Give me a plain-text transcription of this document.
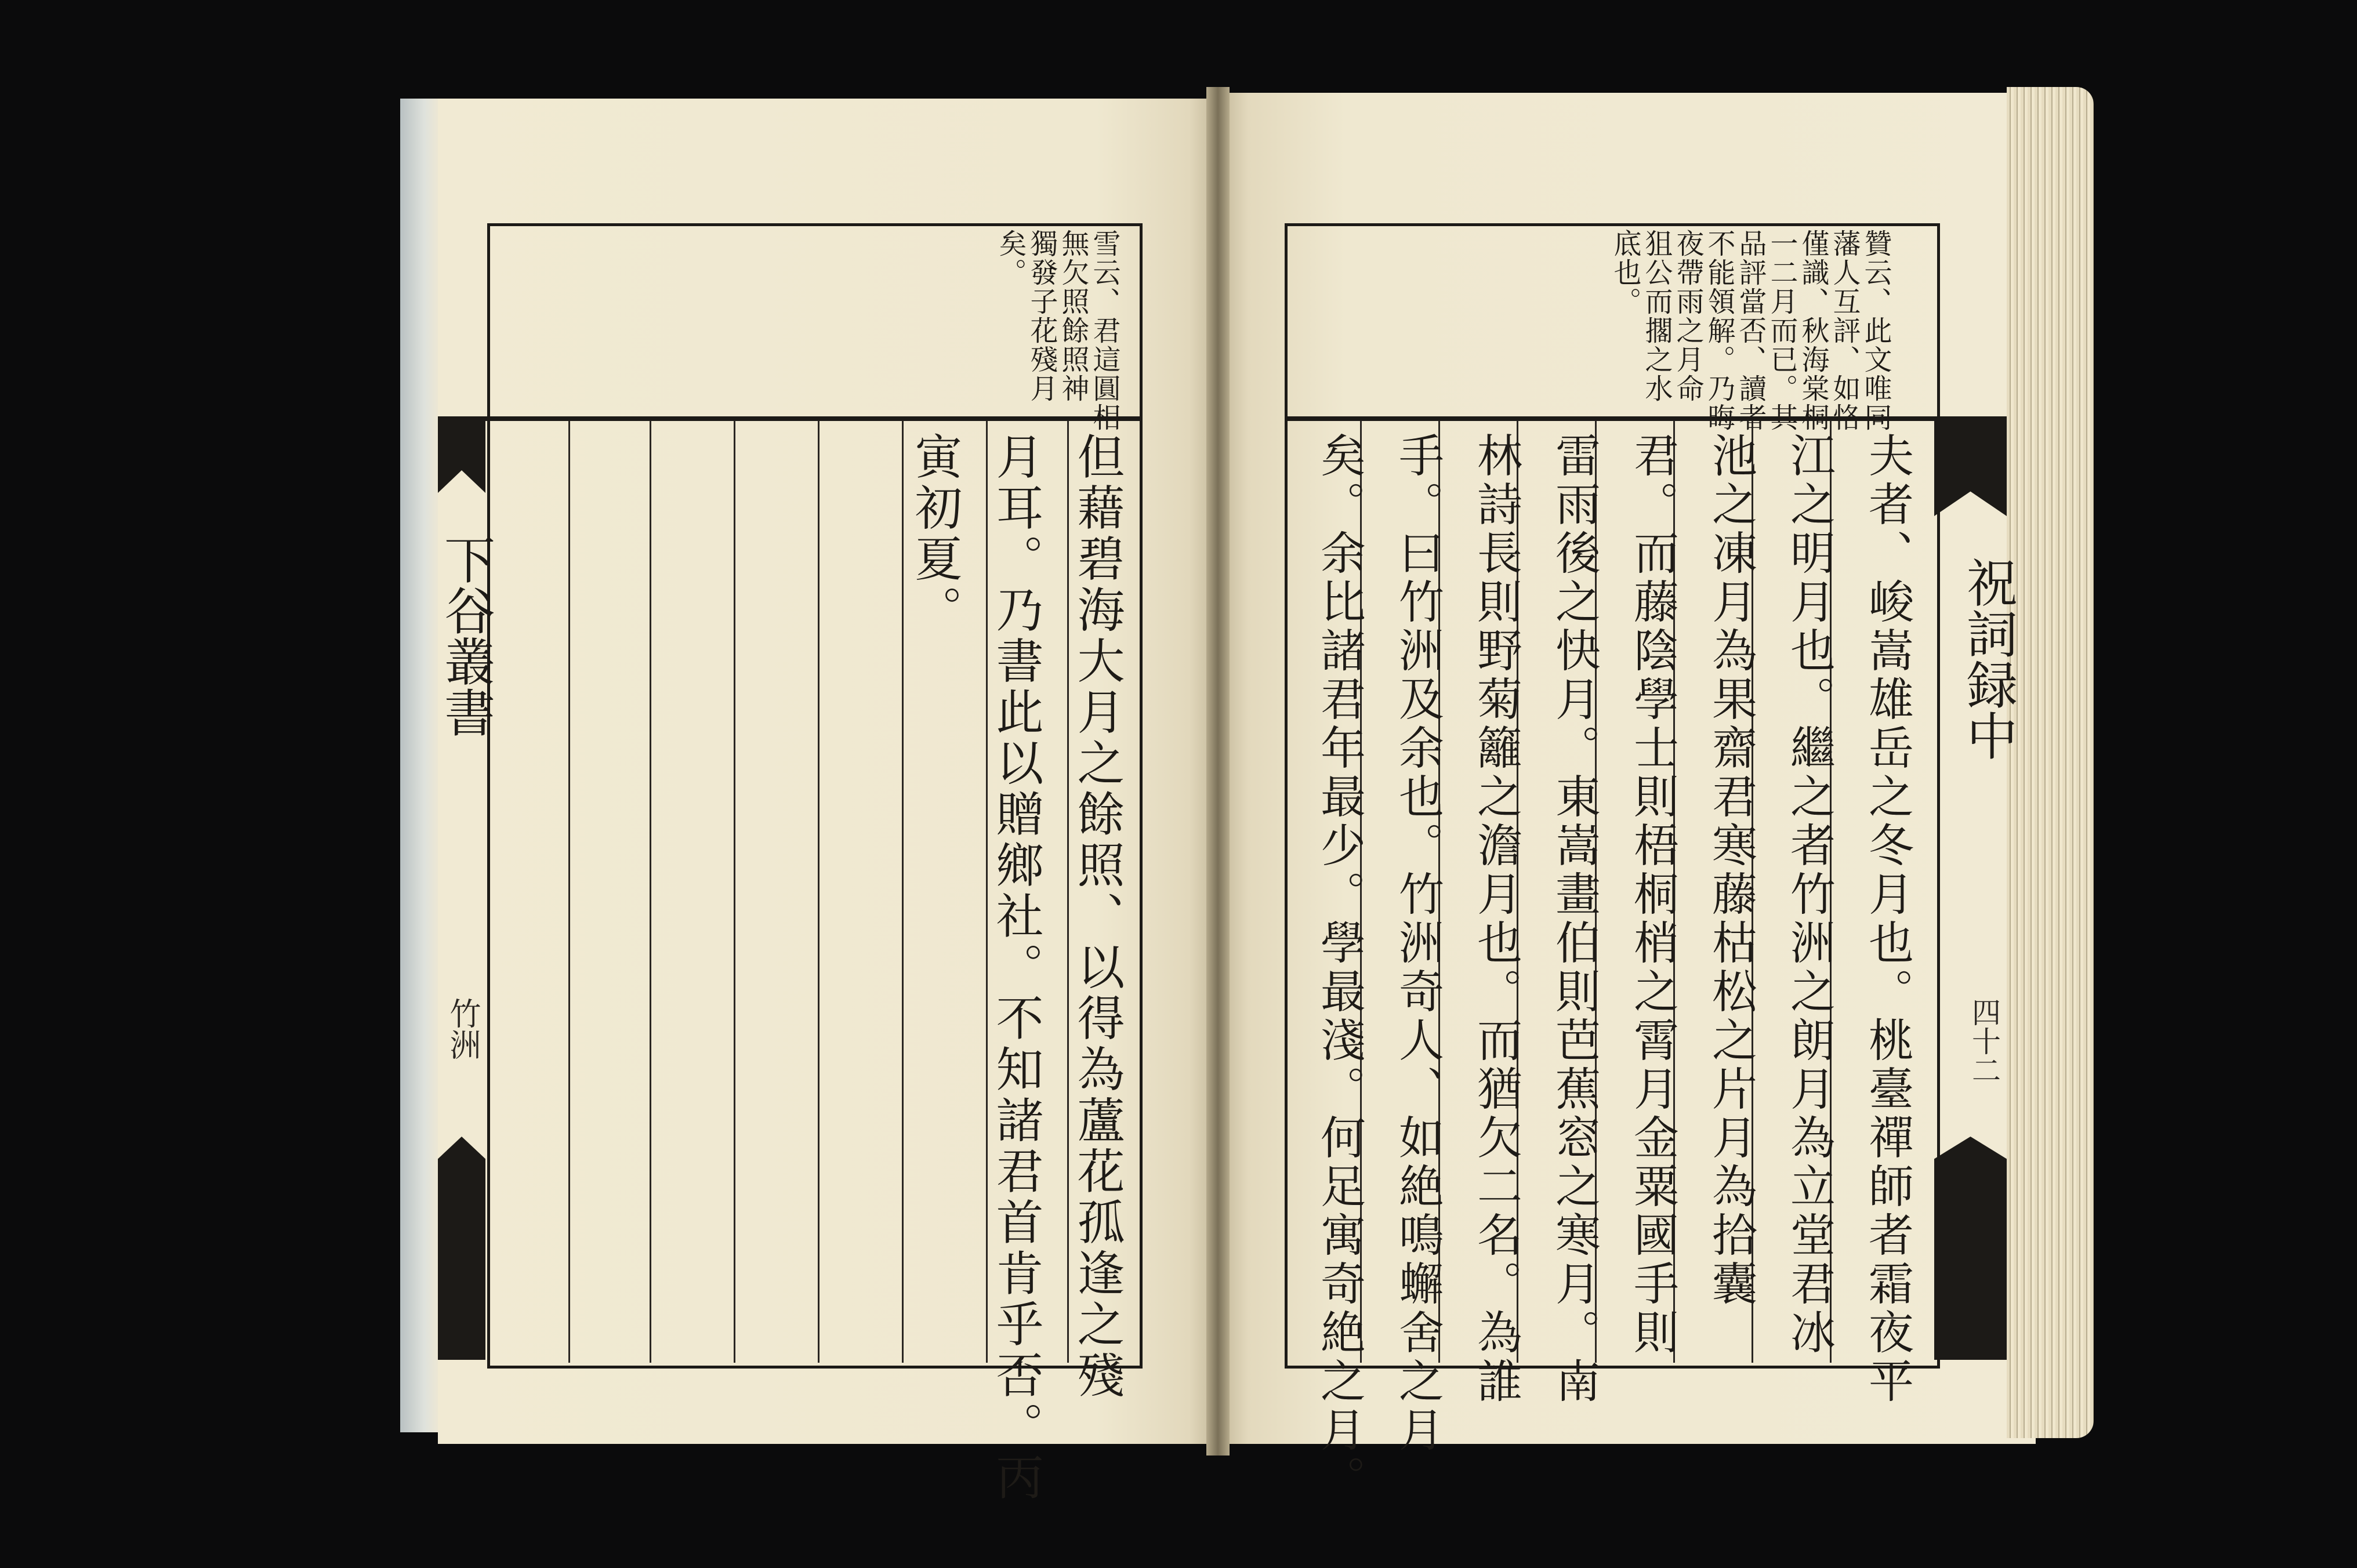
下谷叢書
竹洲
雪云、君這圓相
無欠照餘照神
獨發子花殘月
矣。
但藉碧海大月之餘照、以得為蘆花孤逢之殘
月耳。乃書此以贈鄉社。不知諸君首肯乎否。丙
寅初夏。
祝詞録中
四十二
贊云、此文唯同
藩人互評、如恪
僅識、秋海棠桐
一二月而已。其
品評當否、讀者
不能領解。乃晦
夜帶雨之月命
狙公而擱之水
底也。
夫者、峻嵩雄岳之冬月也。桃臺禪師者霜夜平
江之明月也。繼之者竹洲之朗月為立堂君冰
池之凍月為果齋君寒藤枯松之片月為拾囊
君。而藤陰學士則梧桐梢之霄月金粟國手則
雷雨後之快月。東嵩畫伯則芭蕉窓之寒月。南
林詩長則野菊籬之澹月也。而猶欠二名。為誰
手。曰竹洲及余也。竹洲奇人、如絶鳴蠏舍之月
矣。余比諸君年最少。學最淺。何足寓奇絶之月。
